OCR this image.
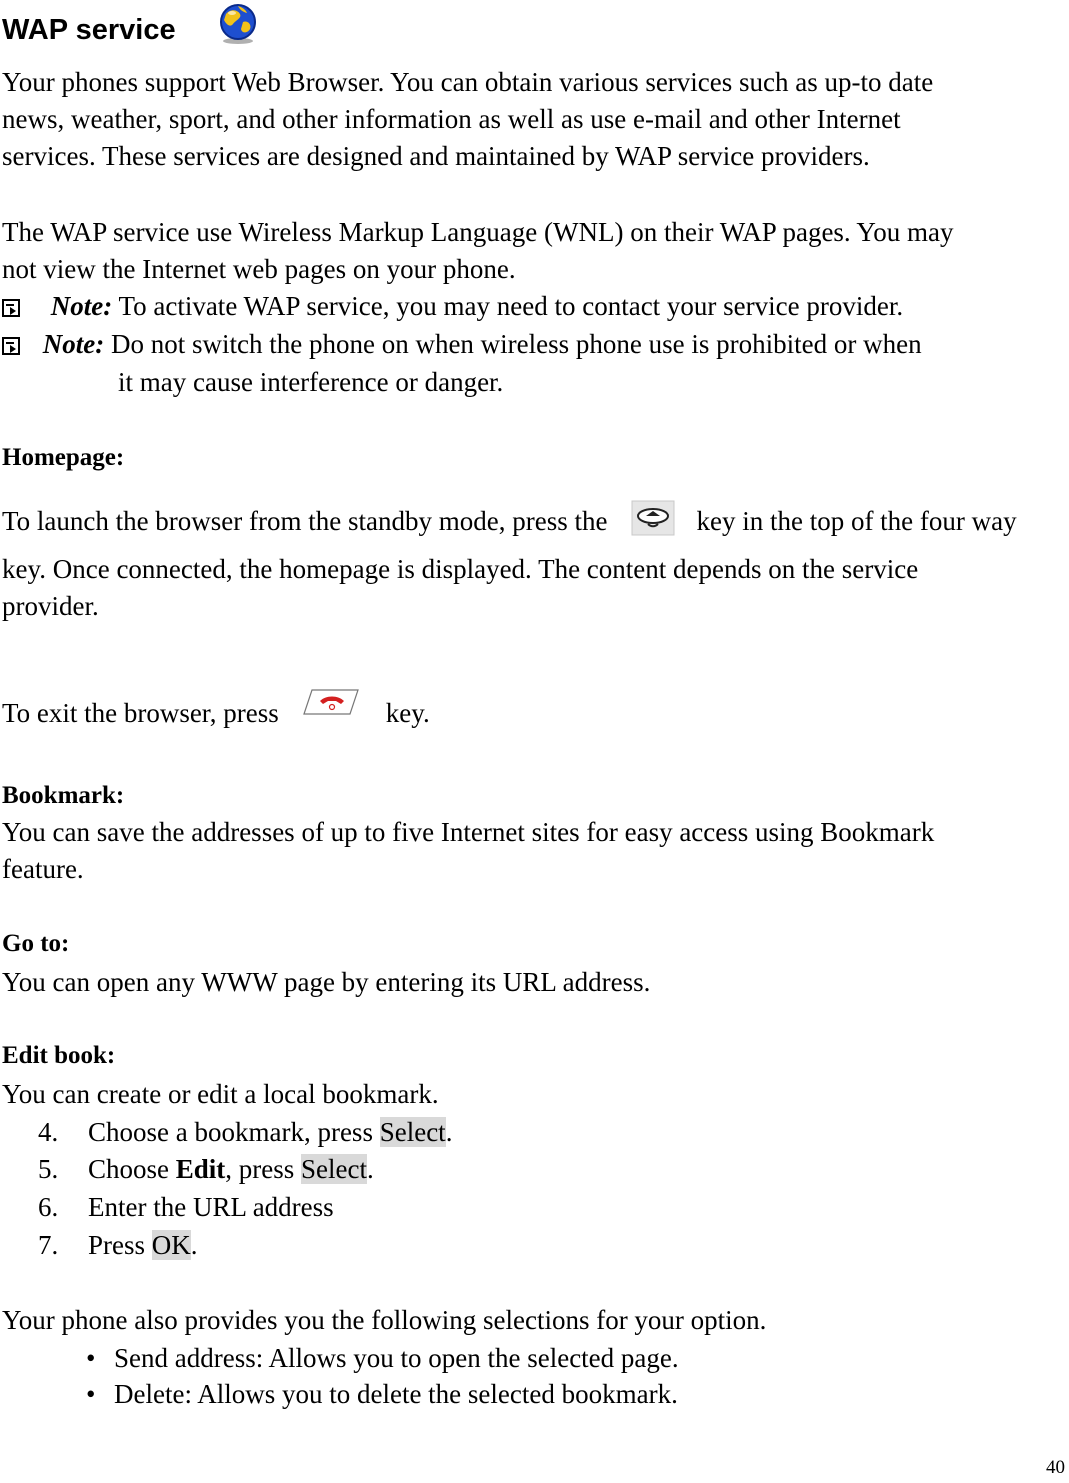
WAP service
Your phones support Web Browser. You can obtain various services such as up-to date
news, weather, sport, and other information as well as use e-mail and other Internet
services. These services are designed and maintained by WAP service providers.
The WAP service use Wireless Markup Language (WNL) on their WAP pages. You may
not view the Internet web pages on your phone.
Note: To activate WAP service, you may need to contact your service provider.
Note: Do not switch the phone on when wireless phone use is prohibited or when
it may cause interference or danger.
Homepage:
To launch the browser from the standby mode, press the	key in the top of the four way
key. Once connected, the homepage is displayed. The content depends on the service
provider.
To exit the browser, press	key.
Bookmark:
You can save the addresses of up to five Internet sites for easy access using Bookmark
feature.
Go to:
You can open any WWW page by entering its URL address.
Edit book:
You can create or edit a local bookmark.
4. Choose a bookmark, press Select.
5. Choose Edit, press Select.
6. Enter the URL address
7. Press OK.
Your phone also provides you the following selections for your option.
• Send address: Allows you to open the selected page.
• Delete: Allows you to delete the selected bookmark.
40
